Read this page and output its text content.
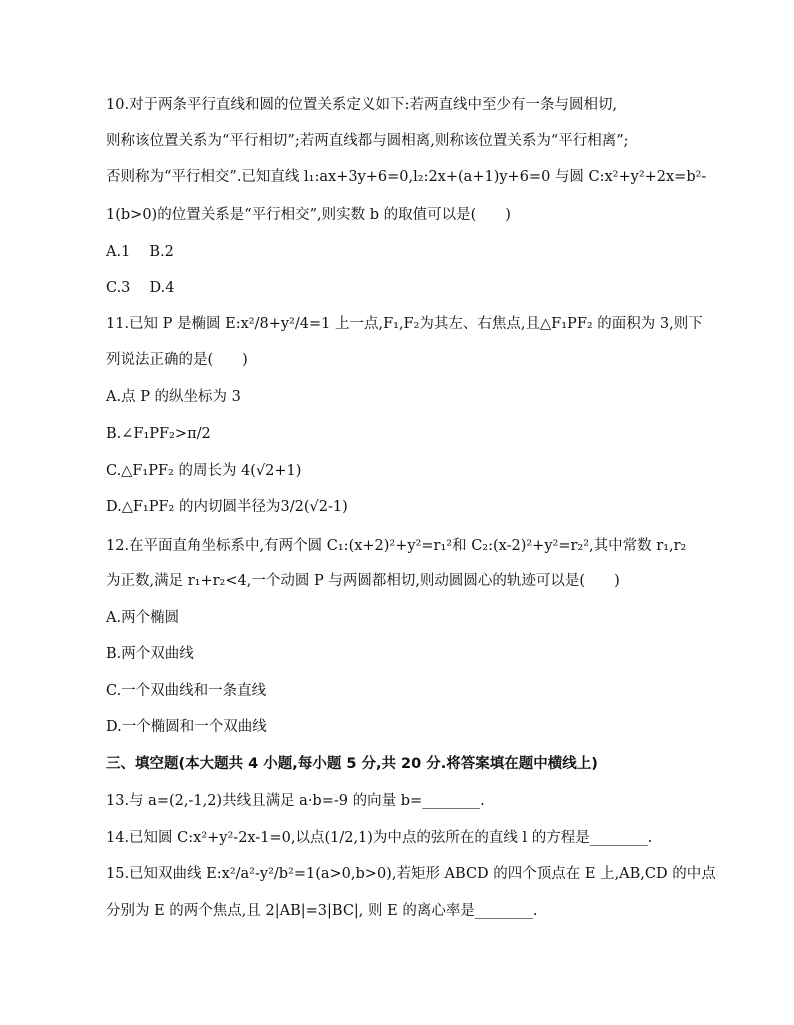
10.对于两条平行直线和圆的位置关系定义如下:若两直线中至少有一条与圆相切,
则称该位置关系为“平行相切”;若两直线都与圆相离,则称该位置关系为“平行相离”;
否则称为“平行相交”.已知直线 l₁:ax+3y+6=0,l₂:2x+(a+1)y+6=0 与圆 C:x²+y²+2x=b²-
1(b>0)的位置关系是“平行相交”,则实数 b 的取值可以是(　　)
A.1　 B.2
C.3　 D.4
11.已知 P 是椭圆 E:x²/8+y²/4=1 上一点,F₁,F₂为其左、右焦点,且△F₁PF₂ 的面积为 3,则下
列说法正确的是(　　)
A.点 P 的纵坐标为 3
B.∠F₁PF₂>π/2
C.△F₁PF₂ 的周长为 4(√2+1)
D.△F₁PF₂ 的内切圆半径为3/2(√2-1)
12.在平面直角坐标系中,有两个圆 C₁:(x+2)²+y²=r₁²和 C₂:(x-2)²+y²=r₂²,其中常数 r₁,r₂
为正数,满足 r₁+r₂<4,一个动圆 P 与两圆都相切,则动圆圆心的轨迹可以是(　　)
A.两个椭圆
B.两个双曲线
C.一个双曲线和一条直线
D.一个椭圆和一个双曲线
三、填空题(本大题共 4 小题,每小题 5 分,共 20 分.将答案填在题中横线上)
13.与 a=(2,-1,2)共线且满足 a·b=-9 的向量 b=________.
14.已知圆 C:x²+y²-2x-1=0,以点(1/2,1)为中点的弦所在的直线 l 的方程是________.
15.已知双曲线 E:x²/a²-y²/b²=1(a>0,b>0),若矩形 ABCD 的四个顶点在 E 上,AB,CD 的中点
分别为 E 的两个焦点,且 2|AB|=3|BC|, 则 E 的离心率是________.
